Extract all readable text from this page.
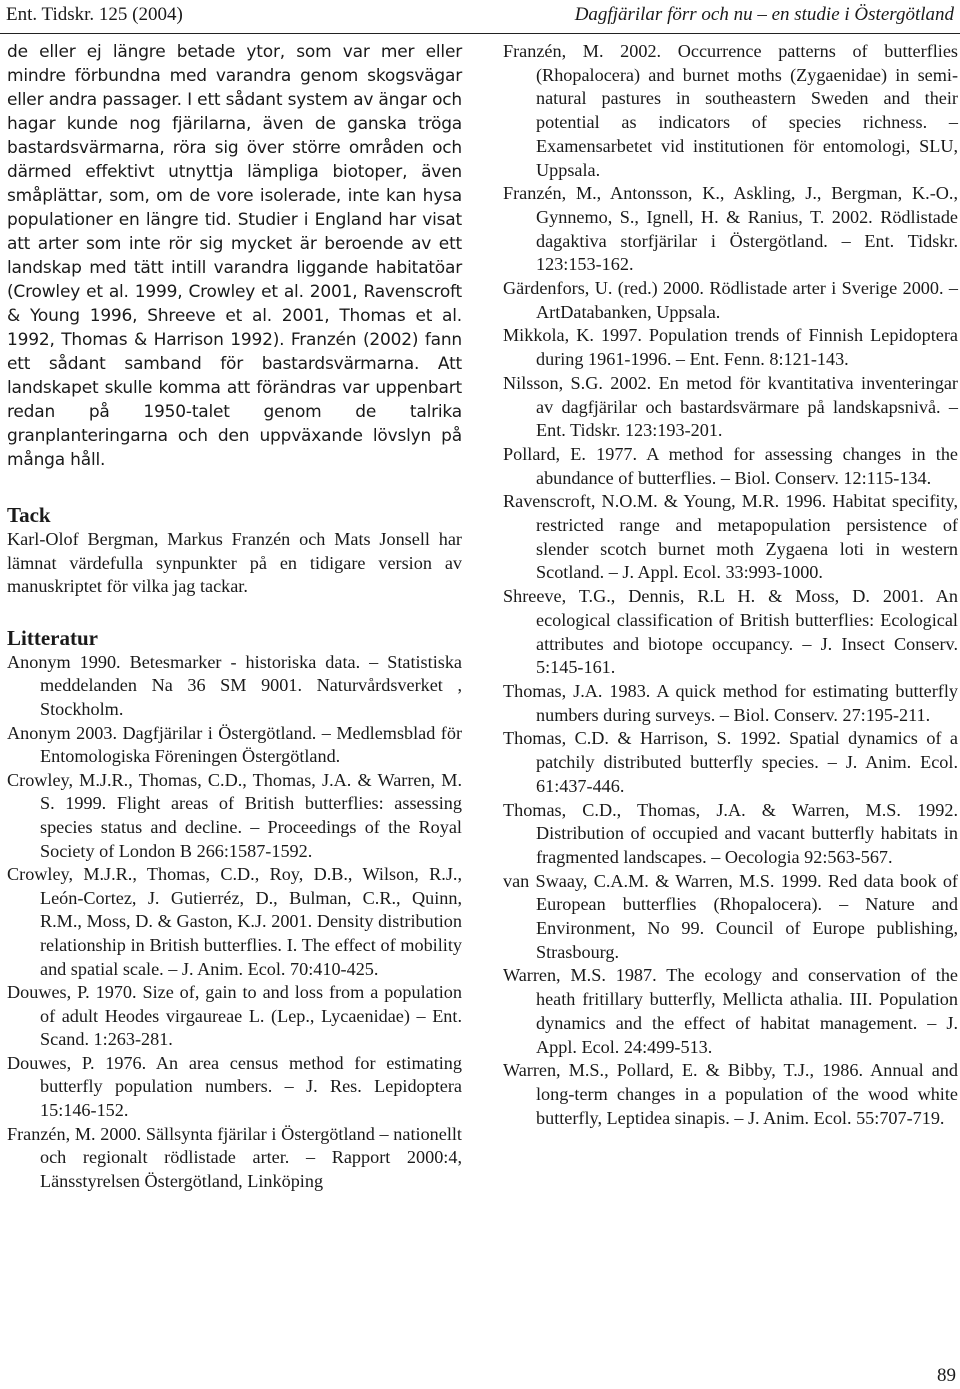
Ent. Tidskr. 125 (2004)	Dagfjärilar förr och nu – en studie i Östergötland

de eller ej längre betade ytor, som var mer eller mindre förbundna med varandra genom skogsvägar eller andra passager. I ett sådant system av ängar och hagar kunde nog fjärilarna, även de ganska tröga bastardsvärmarna, röra sig över större områden och därmed effektivt utnyttja lämpliga biotoper, även småplättar, som, om de vore isolerade, inte kan hysa populationer en längre tid. Studier i England har visat att arter som inte rör sig mycket är beroende av ett landskap med tätt intill varandra liggande habitatöar (Crowley et al. 1999, Crowley et al. 2001, Ravenscroft & Young 1996, Shreeve et al. 2001, Thomas et al. 1992, Thomas & Harrison 1992). Franzén (2002) fann ett sådant samband för bastardsvärmarna. Att landskapet skulle komma att förändras var uppenbart redan på 1950-talet genom de talrika granplanteringarna och den uppväxande lövslyn på många håll.

Tack

Karl-Olof Bergman, Markus Franzén och Mats Jonsell har lämnat värdefulla synpunkter på en tidigare version av manuskriptet för vilka jag tackar.

Litteratur

Anonym 1990. Betesmarker - historiska data. – Statistiska meddelanden Na 36 SM 9001. Naturvårdsverket , Stockholm.

Anonym 2003. Dagfjärilar i Östergötland. – Medlemsblad för Entomologiska Föreningen Östergötland.

Crowley, M.J.R., Thomas, C.D., Thomas, J.A. & Warren, M. S. 1999. Flight areas of British butterflies: assessing species status and decline. – Proceedings of the Royal Society of London B 266:1587-1592.

Crowley, M.J.R., Thomas, C.D., Roy, D.B., Wilson, R.J., León-Cortez, J. Gutierréz, D., Bulman, C.R., Quinn, R.M., Moss, D. & Gaston, K.J. 2001. Density distribution relationship in British butterflies. I. The effect of mobility and spatial scale. – J. Anim. Ecol. 70:410-425.

Douwes, P. 1970. Size of, gain to and loss from a population of adult Heodes virgaureae L. (Lep., Lycaenidae) – Ent. Scand. 1:263-281.

Douwes, P. 1976. An area census method for estimating butterfly population numbers. – J. Res. Lepidoptera 15:146-152.

Franzén, M. 2000. Sällsynta fjärilar i Östergötland – nationellt och regionalt rödlistade arter. – Rapport 2000:4, Länsstyrelsen Östergötland, Linköping

Franzén, M. 2002. Occurrence patterns of butterflies (Rhopalocera) and burnet moths (Zygaenidae) in semi-natural pastures in southeastern Sweden and their potential as indicators of species richness. – Examensarbetet vid institutionen för entomologi, SLU, Uppsala.

Franzén, M., Antonsson, K., Askling, J., Bergman, K.-O., Gynnemo, S., Ignell, H. & Ranius, T. 2002. Rödlistade dagaktiva storfjärilar i Östergötland. – Ent. Tidskr. 123:153-162.

Gärdenfors, U. (red.) 2000. Rödlistade arter i Sverige 2000. – ArtDatabanken, Uppsala.

Mikkola, K. 1997. Population trends of Finnish Lepidoptera during 1961-1996. – Ent. Fenn. 8:121-143.

Nilsson, S.G. 2002. En metod för kvantitativa inventeringar av dagfjärilar och bastardsvärmare på landskapsnivå. – Ent. Tidskr. 123:193-201.

Pollard, E. 1977. A method for assessing changes in the abundance of butterflies. – Biol. Conserv. 12:115-134.

Ravenscroft, N.O.M. & Young, M.R. 1996. Habitat specifity, restricted range and metapopulation persistence of slender scotch burnet moth Zygaena loti in western Scotland. – J. Appl. Ecol. 33:993-1000.

Shreeve, T.G., Dennis, R.L H. & Moss, D. 2001. An ecological classification of British butterflies: Ecological attributes and biotope occupancy. – J. Insect Conserv. 5:145-161.

Thomas, J.A. 1983. A quick method for estimating butterfly numbers during surveys. – Biol. Conserv. 27:195-211.

Thomas, C.D. & Harrison, S. 1992. Spatial dynamics of a patchily distributed butterfly species. – J. Anim. Ecol. 61:437-446.

Thomas, C.D., Thomas, J.A. & Warren, M.S. 1992. Distribution of occupied and vacant butterfly habitats in fragmented landscapes. – Oecologia 92:563-567.

van Swaay, C.A.M. & Warren, M.S. 1999. Red data book of European butterflies (Rhopalocera). – Nature and Environment, No 99. Council of Europe publishing, Strasbourg.

Warren, M.S. 1987. The ecology and conservation of the heath fritillary butterfly, Mellicta athalia. III. Population dynamics and the effect of habitat management. – J. Appl. Ecol. 24:499-513.

Warren, M.S., Pollard, E. & Bibby, T.J., 1986. Annual and long-term changes in a population of the wood white butterfly, Leptidea sinapis. – J. Anim. Ecol. 55:707-719.

89
